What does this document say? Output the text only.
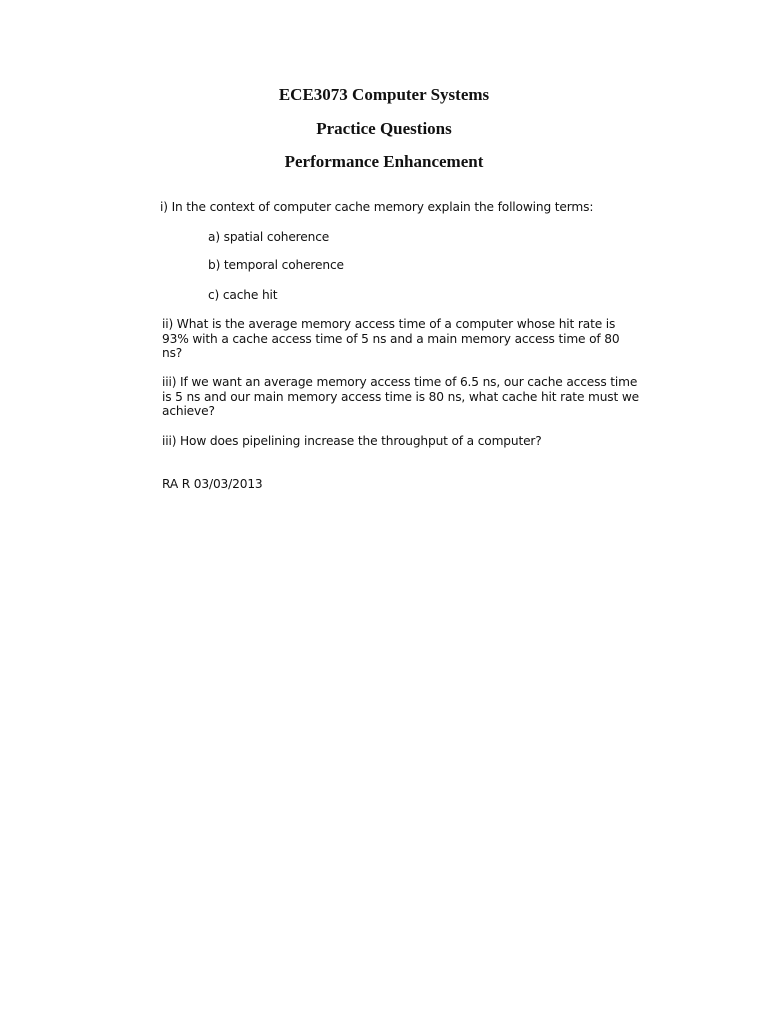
ECE3073 Computer Systems
Practice Questions
Performance Enhancement

i) In the context of computer cache memory explain the following terms:

a) spatial coherence

b) temporal coherence

c) cache hit

ii) What is the average memory access time of a computer whose hit rate is
93% with a cache access time of 5 ns and a main memory access time of 80
ns?

iii) If we want an average memory access time of 6.5 ns, our cache access time
is 5 ns and our main memory access time is 80 ns, what cache hit rate must we
achieve?

iii) How does pipelining increase the throughput of a computer?

RA R 03/03/2013
